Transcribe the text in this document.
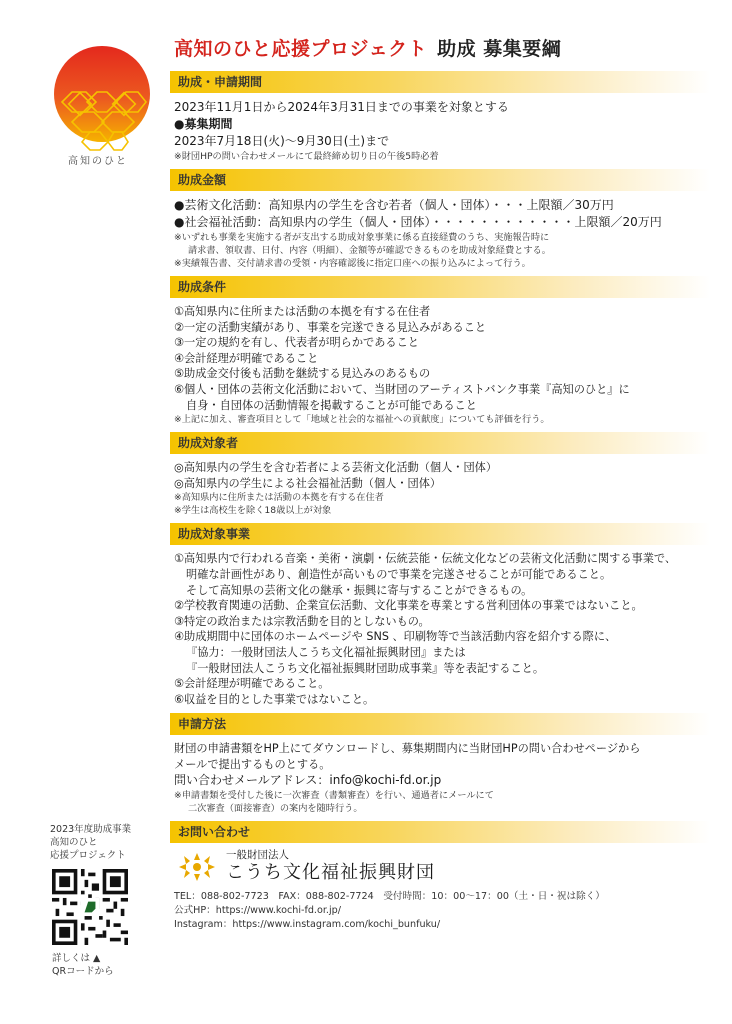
高知のひと
高知のひと応援プロジェクト 助成 募集要綱
助成・申請期間
2023年11月1日から2024年3月31日までの事業を対象とする
●募集期間
2023年7月18日(火)～9月30日(土)まで
※財団HPの問い合わせメールにて最終締め切り日の午後5時必着
助成金額
●芸術文化活動：高知県内の学生を含む若者（個人・団体）・・・上限額／30万円
●社会福祉活動：高知県内の学生（個人・団体）・・・・・・・・・・・・上限額／20万円
※いずれも事業を実施する者が支出する助成対象事業に係る直接経費のうち、実施報告時に
請求書、領収書、日付、内容（明細）、金額等が確認できるものを助成対象経費とする。
※実績報告書、交付請求書の受領・内容確認後に指定口座への振り込みによって行う。
助成条件
①高知県内に住所または活動の本拠を有する在住者
②一定の活動実績があり、事業を完遂できる見込みがあること
③一定の規約を有し、代表者が明らかであること
④会計経理が明確であること
⑤助成金交付後も活動を継続する見込みのあるもの
⑥個人・団体の芸術文化活動において、当財団のアーティストバンク事業『高知のひと』に
自身・自団体の活動情報を掲載することが可能であること
※上記に加え、審査項目として「地域と社会的な福祉への貢献度」についても評価を行う。
助成対象者
◎高知県内の学生を含む若者による芸術文化活動（個人・団体）
◎高知県内の学生による社会福祉活動（個人・団体）
※高知県内に住所または活動の本拠を有する在住者
※学生は高校生を除く18歳以上が対象
助成対象事業
①高知県内で行われる音楽・美術・演劇・伝統芸能・伝統文化などの芸術文化活動に関する事業で、
明確な計画性があり、創造性が高いもので事業を完遂させることが可能であること。
そして高知県の芸術文化の継承・振興に寄与することができるもの。
②学校教育関連の活動、企業宣伝活動、文化事業を専業とする営利団体の事業ではないこと。
③特定の政治または宗教活動を目的としないもの。
④助成期間中に団体のホームページや SNS 、印刷物等で当該活動内容を紹介する際に、
『協力：一般財団法人こうち文化福祉振興財団』または
『一般財団法人こうち文化福祉振興財団助成事業』等を表記すること。
⑤会計経理が明確であること。
⑥収益を目的とした事業ではないこと。
申請方法
財団の申請書類をHP上にてダウンロードし、募集期間内に当財団HPの問い合わせページから
メールで提出するものとする。
問い合わせメールアドレス：info@kochi-fd.or.jp
※申請書類を受付した後に一次審査（書類審査）を行い、通過者にメールにて
二次審査（面接審査）の案内を随時行う。
お問い合わせ
一般財団法人
こうち文化福祉振興財団
TEL：088-802-7723　FAX：088-802-7724　受付時間：10：00～17：00（土・日・祝は除く）
公式HP：https://www.kochi-fd.or.jp/
Instagram：https://www.instagram.com/kochi_bunfuku/
2023年度助成事業
高知のひと
応援プロジェクト
詳しくは ▲
QRコードから
